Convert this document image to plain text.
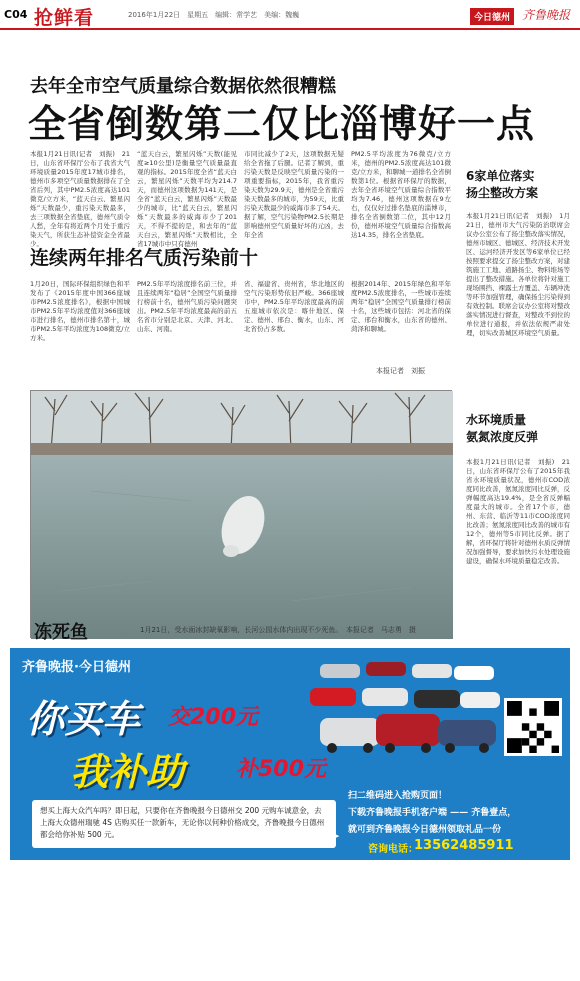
C04 抢鲜看	2016年1月22日　星期五　编辑：常学艺　美编：魏巍	今日德州 齐鲁晚报
去年全市空气质量综合数据依然很糟糕
全省倒数第二仅比淄博好一点
本报1月21日讯(记者　刘振)　21日，山东省环保厅公布了我省大气环境质量2015年度17城市排名，德州市多项空气质量数据排在了全省后列，其中PM2.5浓度高达101微克/立方米，“蓝天白云、繁星闪烁”天数最少，重污染天数最多，去三项数据全省垫底，德州气质令人愁，全年有将近两个月处于重污染天气，所获生态补偿资金全省最少。
“蓝天白云，繁星闪烁”天数(能见度≥10公里)是衡量空气质量最直观的指标。2015年度全省“蓝天白云，繁星闪烁”天数平均为214.7天，而德州这项数据为141天，是全省“蓝天白云，繁星闪烁”天数最少的城市，比“蓝天白云，繁星闪烁”天数最多的威海市少了201天，不得不提的是，和去年的“蓝天白云，繁星闪烁”天数相比，全省17城市中只有德州
市同比减少了2天，这项数据无疑给全省拖了后腿。记者了解到，重污染天数是反映空气质量污染的一项重要指标，2015年，我省重污染天数为29.9天，德州是全省重污染天数最多的城市，为59天，比重污染天数最少的威海市多了54天。据了解，空气污染物PM2.5长期是影响德州空气质量好坏的元凶，去年全省
PM2.5平均浓度为76微克/立方米，德州的PM2.5浓度高达101微克/立方米，和聊城一道排名全省倒数第1位。根据省环保厅的数据，去年全省环境空气质量综合指数平均为7.46，德州这项数据在9左右，仅仅好过排名垫底的淄博市，排名全省倒数第二位，其中12月份，德州环境空气质量综合指数高达14.35，排名全省垫底。
连续两年排名气质污染前十
1月20日，国际环保组织绿色和平发布了《2015年度中国366座城市PM2.5浓度排名》，根据中国城市PM2.5年平均浓度值对366座城市进行排名，德州市排名第十，城市PM2.5年平均浓度为108微克/立方米。
PM2.5年平均浓度排名前三位，并且连续两年“稳居”全国空气质量排行榜前十名，德州气质污染问题突出。PM2.5年平均浓度最高的前五名省市分别是北京、天津、河北、山东、河南。
省、福建省、贵州省，华北地区的空气污染形势依旧严峻。366座城市中，PM2.5年平均浓度最高的前五座城市依次是：喀什地区、保定、德州、邢台、衡水，山东、河北省份占多数。
根据2014年、2015年绿色和平年度PM2.5浓度排名，一些城市连续两年“稳居”全国空气质量排行榜前十名，这些城市包括：河北省的保定、邢台和衡水，山东省的德州、菏泽和聊城。
本报记者　刘振
冻死鱼	1月21日，受水面冰封缺氧影响，长河公园水体内出现不少死鱼。　本报记者　马志勇　摄
6家单位落实
扬尘整改方案
本报1月21日讯(记者　刘振)　1月21日，德州市大气污染防治联席会议办公室公布了扬尘整改落实情况，德州市城区、德城区、经济技术开发区、运河经济开发区等6家单位已经按照要求提交了扬尘整改方案，对建筑施工工地、道路扬尘、物料堆场等提出了整改措施。各单位将针对施工现场围挡、裸露土方覆盖、车辆冲洗等环节加强管理，确保扬尘污染得到有效控制。联席会议办公室将对整改落实情况进行督查，对整改不到位的单位进行通报，并依法依规严肃处理，切实改善城区环境空气质量。
水环境质量
氨氮浓度反弹
本报1月21日讯(记者　刘振)　21日，山东省环保厅公布了2015年我省水环境质量状况，德州市COD浓度同比改善，氨氮浓度同比反弹，反弹幅度高达19.4%，是全省反弹幅度最大的城市。全省17个市，德州、东营、临沂等11市COD浓度同比改善；氨氮浓度同比改善的城市有12个，德州等5市同比反弹。据了解，省环保厅将针对德州水质反弹情况加强督导，要求加快污水处理设施建设，确保水环境质量稳定改善。
齐鲁晚报·今日德州
你买车 交200元
我补助 补500元
想买上海大众汽车吗？即日起，只要你在齐鲁晚报今日德州交 200 元购车诚意金，去上海大众德州瑞驰 4S 店购买任一款新车，无论你以何种价格成交，齐鲁晚报今日德州都会给你补贴 500 元。	➤
扫二维码进入抢购页面！
下载齐鲁晚报手机客户端 —— 齐鲁壹点，
就可到齐鲁晚报今日德州领取礼品一份
咨询电话：
13562485911
